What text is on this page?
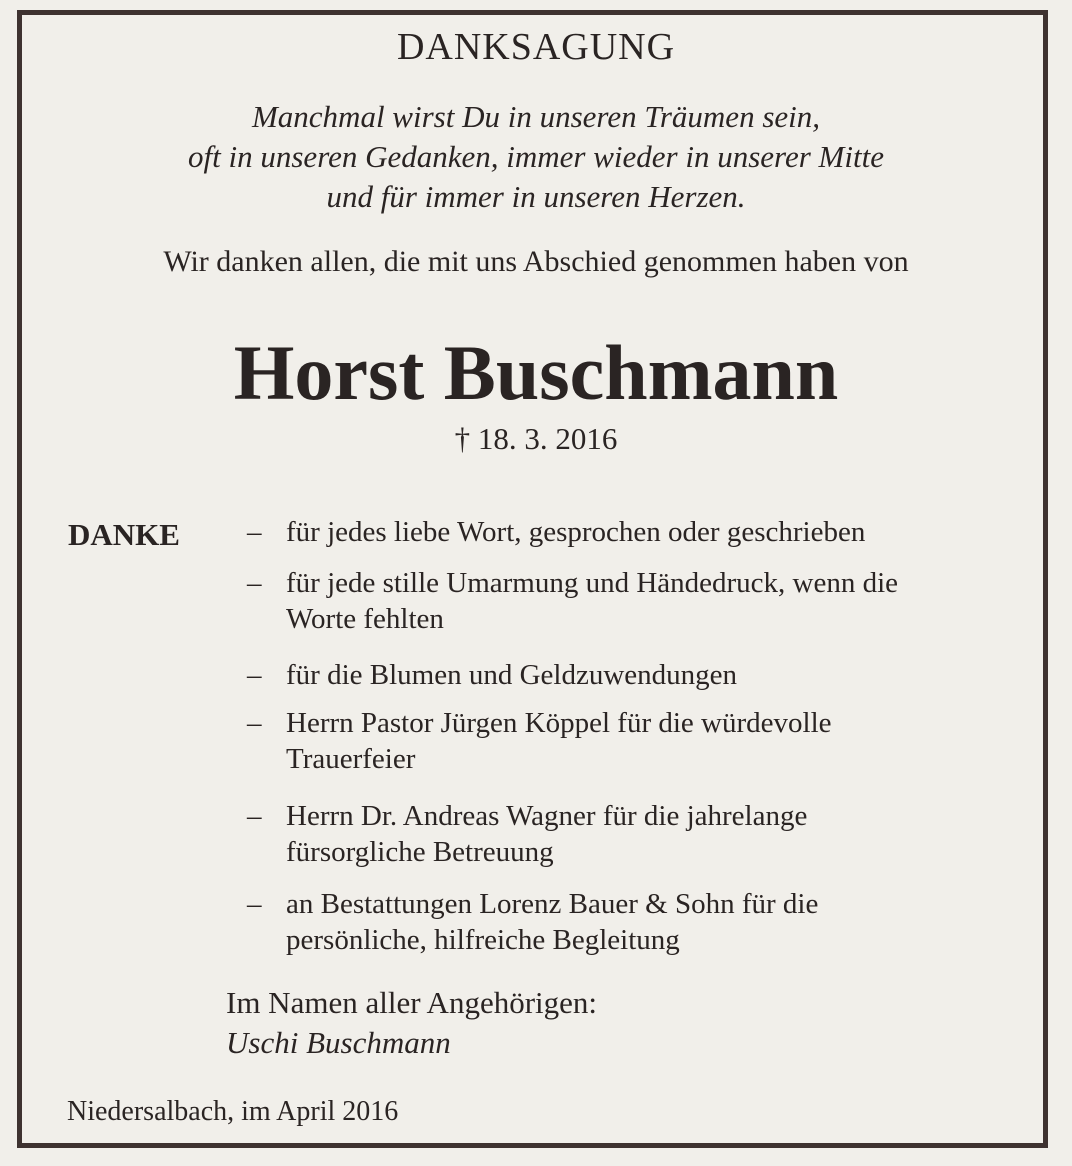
DANKSAGUNG
Manchmal wirst Du in unseren Träumen sein,
oft in unseren Gedanken, immer wieder in unserer Mitte
und für immer in unseren Herzen.
Wir danken allen, die mit uns Abschied genommen haben von
Horst Buschmann
† 18. 3. 2016
DANKE – für jedes liebe Wort, gesprochen oder geschrieben
– für jede stille Umarmung und Händedruck, wenn die
Worte fehlten
– für die Blumen und Geldzuwendungen
– Herrn Pastor Jürgen Köppel für die würdevolle
Trauerfeier
– Herrn Dr. Andreas Wagner für die jahrelange
fürsorgliche Betreuung
– an Bestattungen Lorenz Bauer & Sohn für die
persönliche, hilfreiche Begleitung
Im Namen aller Angehörigen:
Uschi Buschmann
Niedersalbach, im April 2016
